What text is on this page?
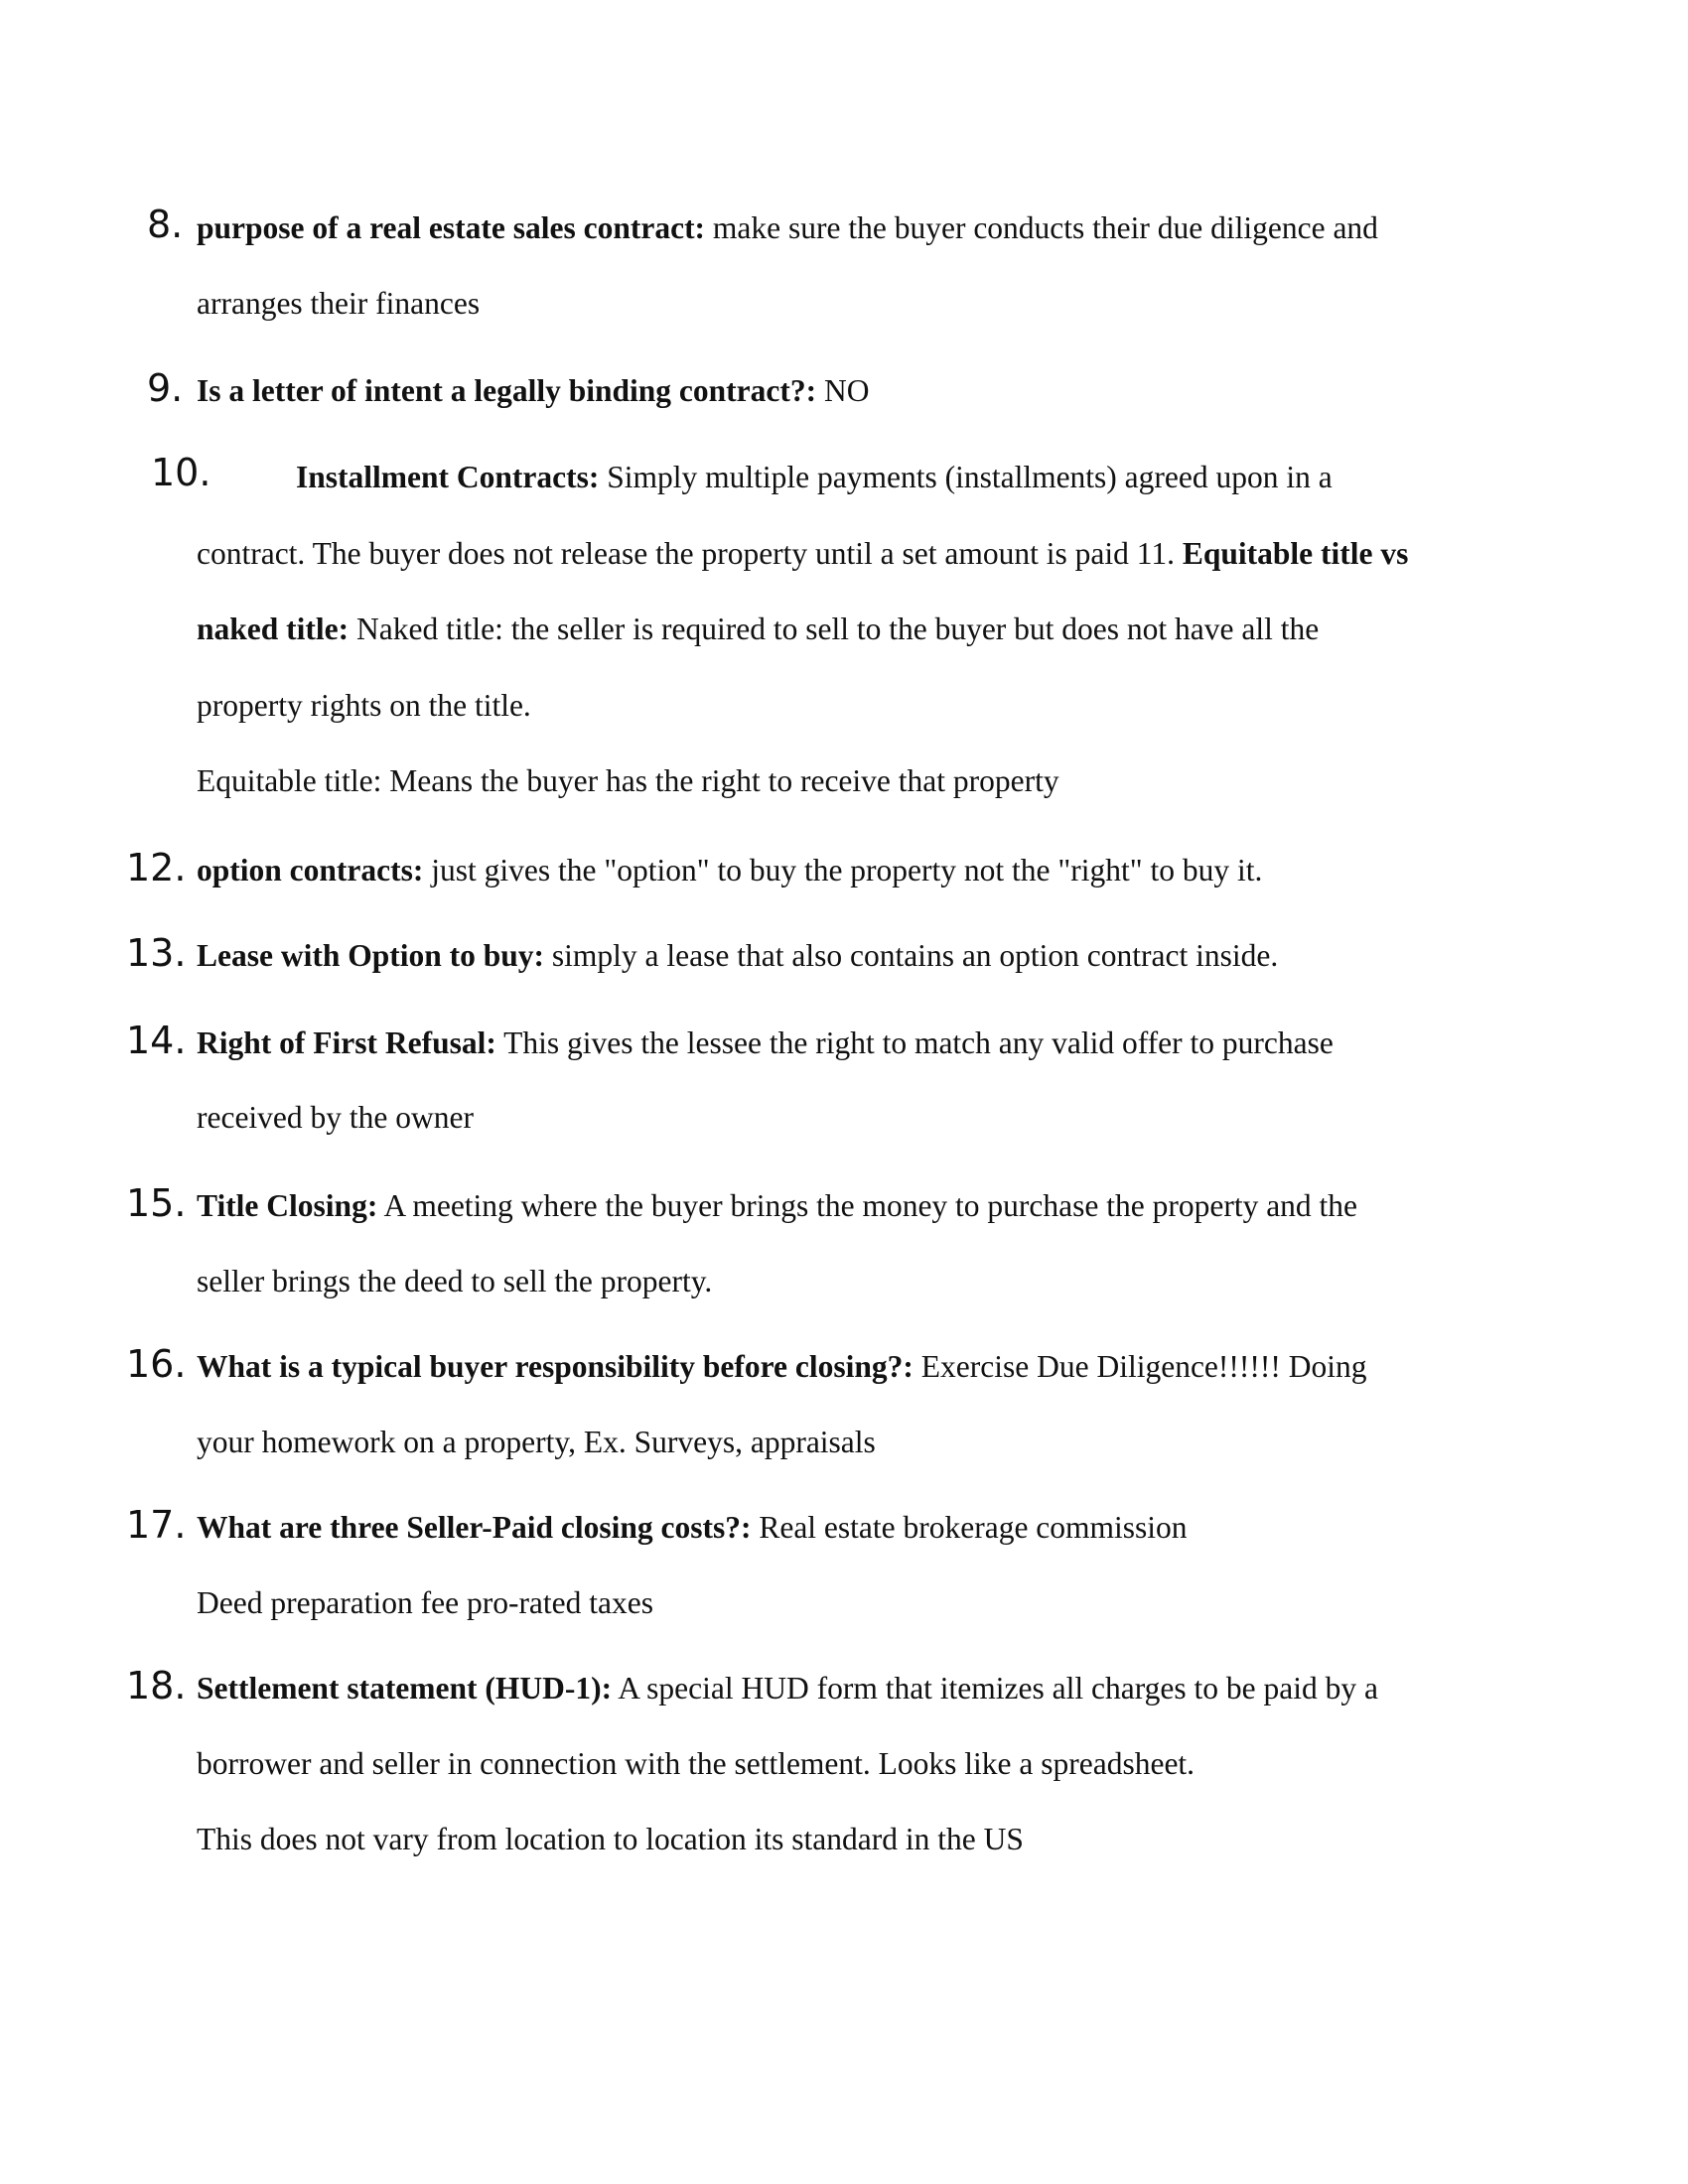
8. purpose of a real estate sales contract: make sure the buyer conducts their due diligence and
arranges their finances
9. Is a letter of intent a legally binding contract?: NO
10.	Installment Contracts: Simply multiple payments (installments) agreed upon in a
contract. The buyer does not release the property until a set amount is paid 11. Equitable title vs
naked title: Naked title: the seller is required to sell to the buyer but does not have all the
property rights on the title.
Equitable title: Means the buyer has the right to receive that property
12. option contracts: just gives the "option" to buy the property not the "right" to buy it.
13. Lease with Option to buy: simply a lease that also contains an option contract inside.
14. Right of First Refusal: This gives the lessee the right to match any valid offer to purchase
received by the owner
15. Title Closing: A meeting where the buyer brings the money to purchase the property and the
seller brings the deed to sell the property.
16. What is a typical buyer responsibility before closing?: Exercise Due Diligence!!!!!! Doing
your homework on a property, Ex. Surveys, appraisals
17. What are three Seller-Paid closing costs?: Real estate brokerage commission
Deed preparation fee pro-rated taxes
18. Settlement statement (HUD-1): A special HUD form that itemizes all charges to be paid by a
borrower and seller in connection with the settlement. Looks like a spreadsheet.
This does not vary from location to location its standard in the US
